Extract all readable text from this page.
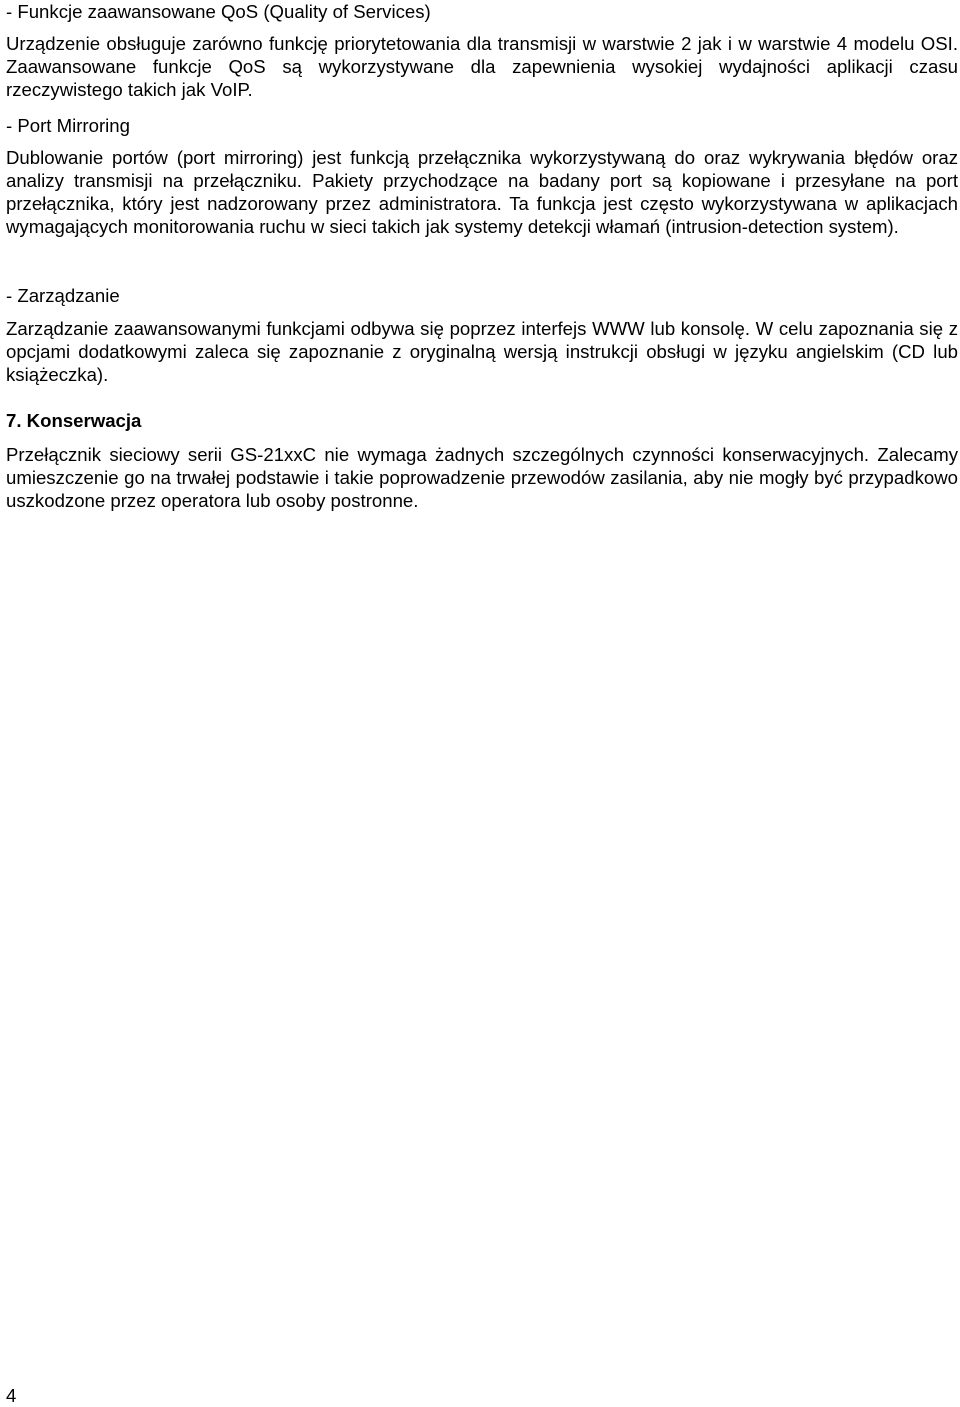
- Funkcje zaawansowane QoS (Quality of Services)

Urządzenie obsługuje zarówno funkcję priorytetowania dla transmisji w warstwie 2 jak i w warstwie 4 modelu OSI. Zaawansowane funkcje QoS są wykorzystywane dla zapewnienia wysokiej wydajności aplikacji czasu rzeczywistego takich jak VoIP.

- Port Mirroring

Dublowanie portów (port mirroring) jest funkcją przełącznika wykorzystywaną do oraz wykrywania błędów oraz analizy transmisji na przełączniku. Pakiety przychodzące na badany port są kopiowane i przesyłane na port przełącznika, który jest nadzorowany przez administratora. Ta funkcja jest często wykorzystywana w aplikacjach wymagających monitorowania ruchu w sieci takich jak systemy detekcji włamań (intrusion-detection system).

- Zarządzanie

Zarządzanie zaawansowanymi funkcjami odbywa się poprzez interfejs WWW lub konsolę. W celu zapoznania się z opcjami dodatkowymi zaleca się zapoznanie z oryginalną wersją instrukcji obsługi w języku angielskim (CD lub książeczka).

7. Konserwacja

Przełącznik sieciowy serii GS-21xxC nie wymaga żadnych szczególnych czynności konserwacyjnych. Zalecamy umieszczenie go na trwałej podstawie i takie poprowadzenie przewodów zasilania, aby nie mogły być przypadkowo uszkodzone przez operatora lub osoby postronne.

4
